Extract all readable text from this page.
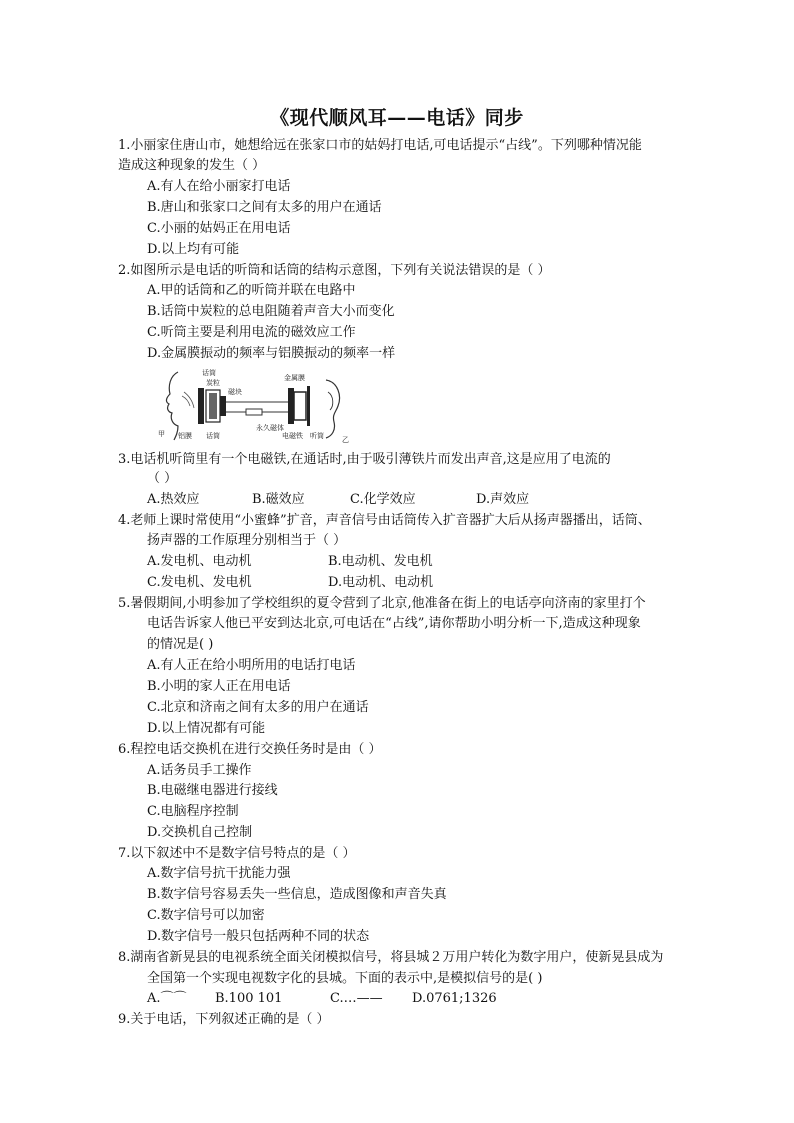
《现代顺风耳——电话》同步
1.小丽家住唐山市，她想给远在张家口市的姑妈打电话,可电话提示“占线”。下列哪种情况能
造成这种现象的发生（ ）
A.有人在给小丽家打电话
B.唐山和张家口之间有太多的用户在通话
C.小丽的姑妈正在用电话
D.以上均有可能
2.如图所示是电话的听筒和话筒的结构示意图，下列有关说法错误的是（ ）
A.甲的话筒和乙的听筒并联在电路中
B.话筒中炭粒的总电阻随着声音大小而变化
C.听筒主要是利用电流的磁效应工作
D.金属膜振动的频率与铝膜振动的频率一样
话筒
炭粒
磁块
金属膜
甲 铝膜 话筒
永久磁体
电磁铁 听筒	乙
3.电话机听筒里有一个电磁铁,在通话时,由于吸引薄铁片而发出声音,这是应用了电流的
（ ）
A.热效应	B.磁效应	C.化学效应	D.声效应
4.老师上课时常使用“小蜜蜂”扩音，声音信号由话筒传入扩音器扩大后从扬声器播出，话筒、
扬声器的工作原理分别相当于（ ）
A.发电机、电动机	B.电动机、发电机
C.发电机、发电机	D.电动机、电动机
5.暑假期间,小明参加了学校组织的夏令营到了北京,他准备在街上的电话亭向济南的家里打个
电话告诉家人他已平安到达北京,可电话在“占线”,请你帮助小明分析一下,造成这种现象
的情况是( )
A.有人正在给小明所用的电话打电话
B.小明的家人正在用电话
C.北京和济南之间有太多的用户在通话
D.以上情况都有可能
6.程控电话交换机在进行交换任务时是由（ ）
A.话务员手工操作
B.电磁继电器进行接线
C.电脑程序控制
D.交换机自己控制
7.以下叙述中不是数字信号特点的是（ ）
A.数字信号抗干扰能力强
B.数字信号容易丢失一些信息，造成图像和声音失真
C.数字信号可以加密
D.数字信号一般只包括两种不同的状态
8.湖南省新晃县的电视系统全面关闭模拟信号，将县城２万用户转化为数字用户，使新晃县成为
全国第一个实现电视数字化的县城。下面的表示中,是模拟信号的是( )
A.⌒⌒ B.100 101	C.…—— D.0761;1326
9.关于电话，下列叙述正确的是（ ）
